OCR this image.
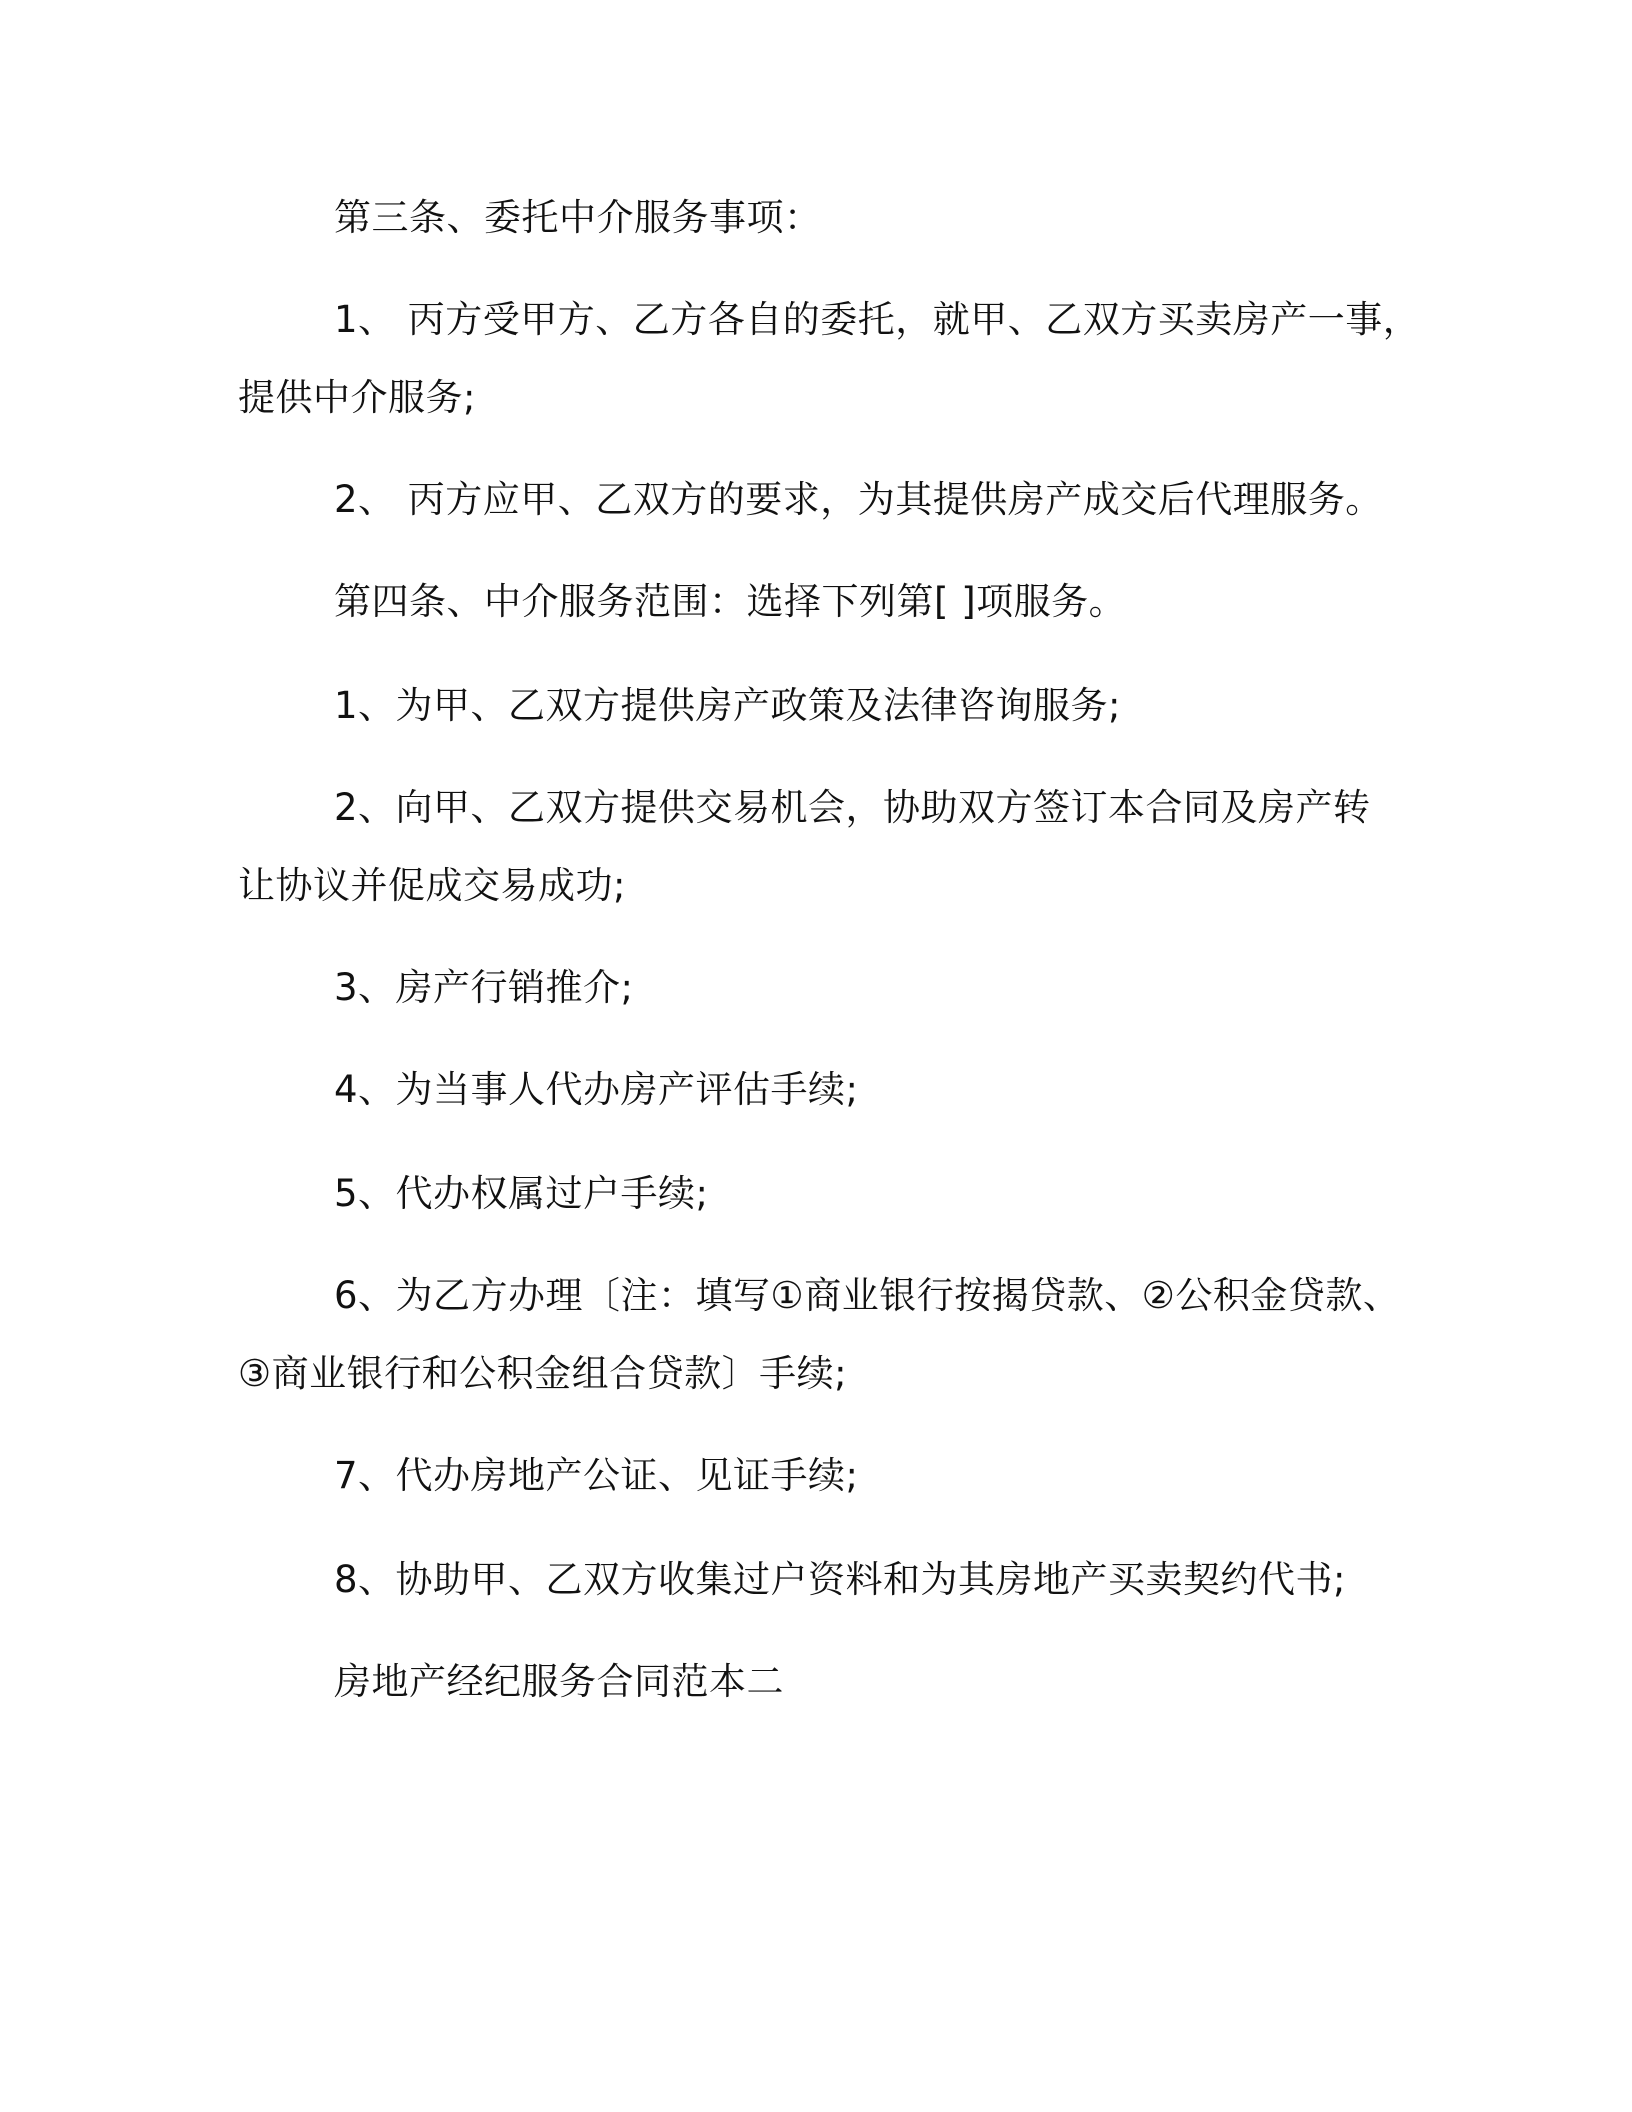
第三条、委托中介服务事项：
1、 丙方受甲方、乙方各自的委托，就甲、乙双方买卖房产一事，
提供中介服务;
2、 丙方应甲、乙双方的要求，为其提供房产成交后代理服务。
第四条、中介服务范围：选择下列第[ ]项服务。
1、为甲、乙双方提供房产政策及法律咨询服务;
2、向甲、乙双方提供交易机会，协助双方签订本合同及房产转
让协议并促成交易成功;
3、房产行销推介;
4、为当事人代办房产评估手续;
5、代办权属过户手续;
6、为乙方办理〔注：填写①商业银行按揭贷款、②公积金贷款、
③商业银行和公积金组合贷款〕手续;
7、代办房地产公证、见证手续;
8、协助甲、乙双方收集过户资料和为其房地产买卖契约代书;
房地产经纪服务合同范本二
